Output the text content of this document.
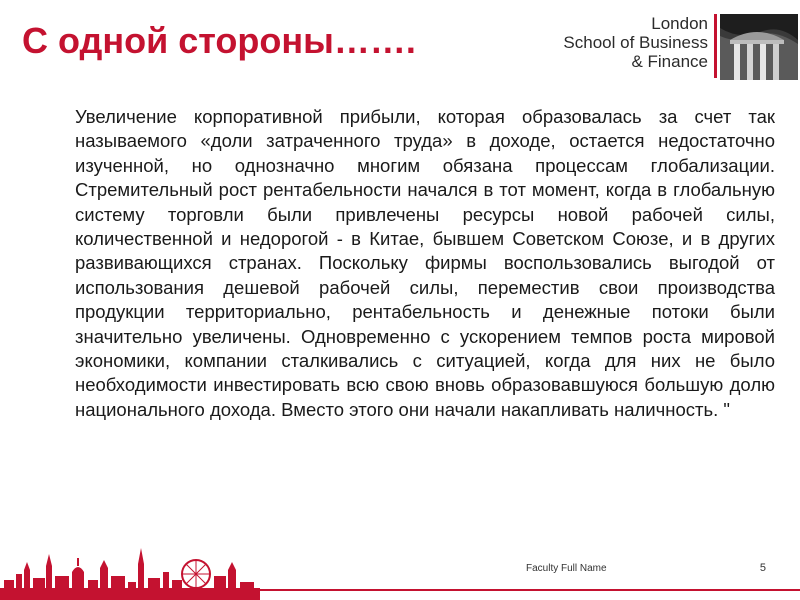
С одной стороны…….	London
School of Business
& Finance

Увеличение корпоративной прибыли, которая образовалась за счет так называемого «доли затраченного труда» в доходе, остается недостаточно изученной, но однозначно многим обязана процессам глобализации. Стремительный рост рентабельности начался в тот момент, когда в глобальную систему торговли были привлечены ресурсы новой рабочей силы, количественной и недорогой - в Китае, бывшем Советском Союзе, и в других развивающихся странах. Поскольку фирмы воспользовались выгодой от использования дешевой рабочей силы, переместив свои производства продукции территориально, рентабельность и денежные потоки были значительно увеличены. Одновременно с ускорением темпов роста мировой экономики, компании сталкивались с ситуацией, когда для них не было необходимости инвестировать всю свою вновь образовавшуюся большую долю национального дохода. Вместо этого они начали накапливать наличность. "

Faculty Full Name	5
